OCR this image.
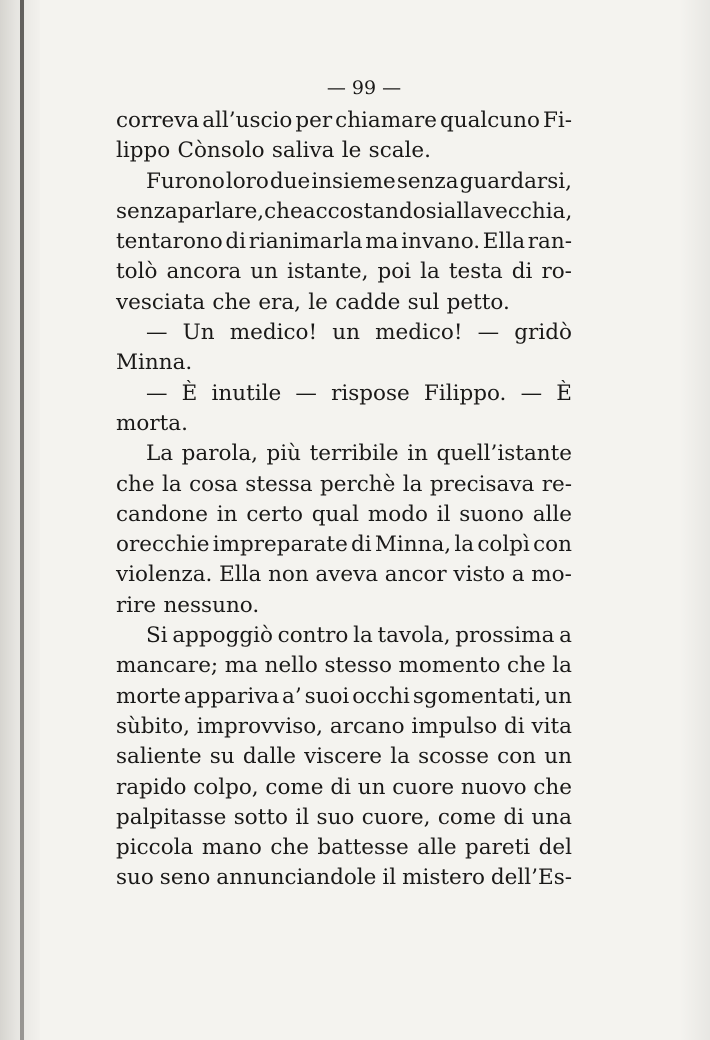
— 99 —
correva all’uscio per chiamare qualcuno Fi-
lippo Cònsolo saliva le scale.
Furono loro due insieme senza guardarsi,
senza parlare, che accostandosi alla vecchia,
tentarono di rianimarla ma invano. Ella ran-
tolò ancora un istante, poi la testa di ro-
vesciata che era, le cadde sul petto.
— Un medico! un medico! — gridò
Minna.
— È inutile — rispose Filippo. — È
morta.
La parola, più terribile in quell’istante
che la cosa stessa perchè la precisava re-
candone in certo qual modo il suono alle
orecchie impreparate di Minna, la colpì con
violenza. Ella non aveva ancor visto a mo-
rire nessuno.
Si appoggiò contro la tavola, prossima a
mancare; ma nello stesso momento che la
morte appariva a’ suoi occhi sgomentati, un
sùbito, improvviso, arcano impulso di vita
saliente su dalle viscere la scosse con un
rapido colpo, come di un cuore nuovo che
palpitasse sotto il suo cuore, come di una
piccola mano che battesse alle pareti del
suo seno annunciandole il mistero dell’Es-
